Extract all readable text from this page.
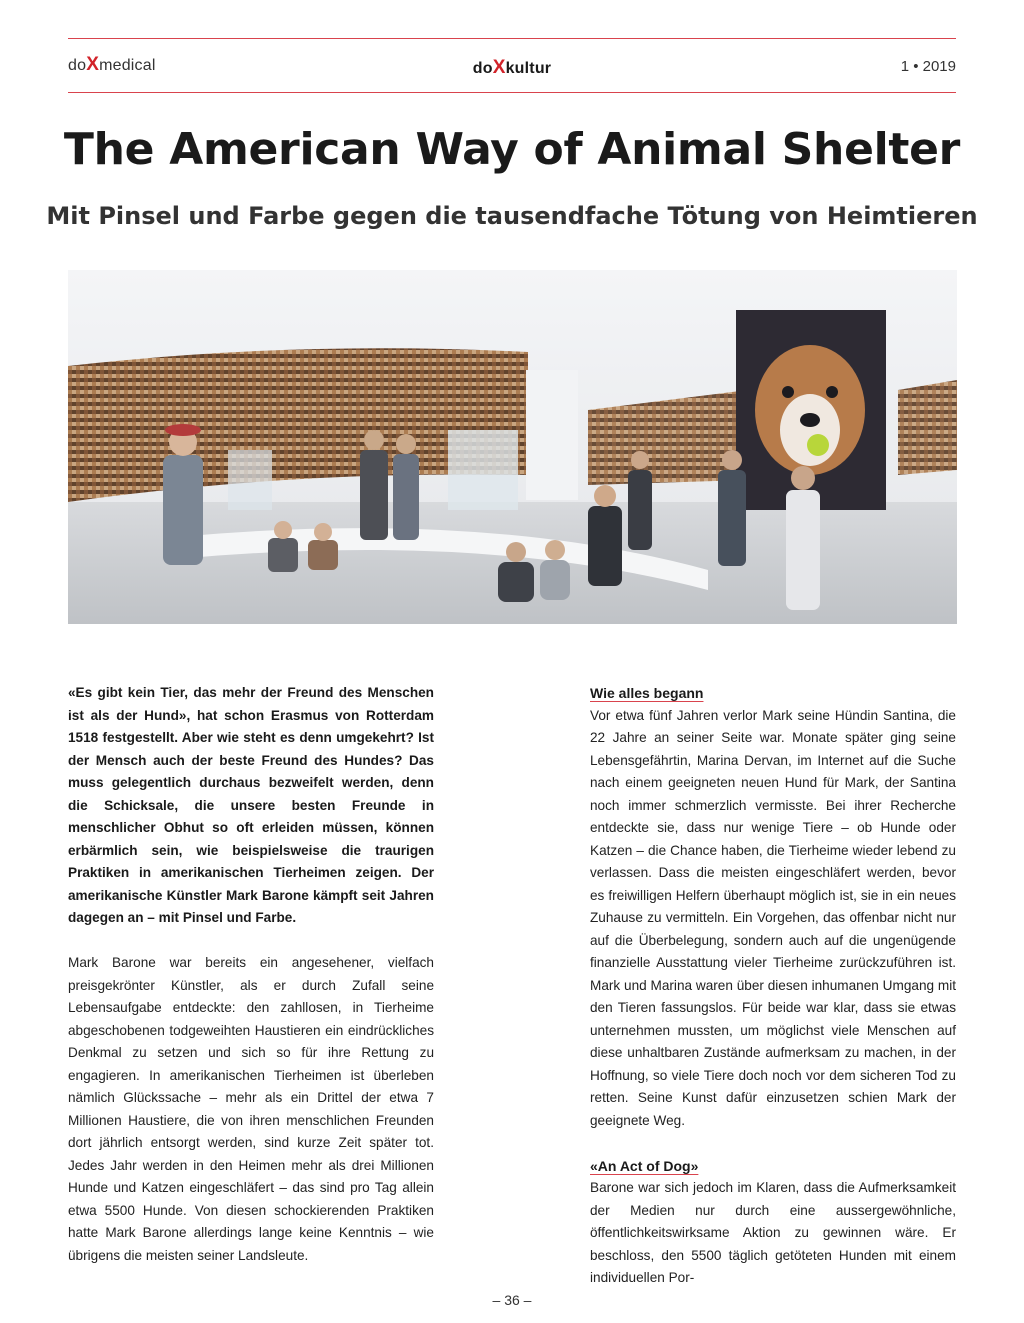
doXmedical	doXkultur	1 • 2019
The American Way of Animal Shelter
Mit Pinsel und Farbe gegen die tausendfache Tötung von Heimtieren

«Es gibt kein Tier, das mehr der Freund des Menschen ist als der Hund», hat schon Erasmus von Rotterdam 1518 festgestellt. Aber wie steht es denn umgekehrt? Ist der Mensch auch der beste Freund des Hundes? Das muss gelegentlich durchaus bezweifelt werden, denn die Schicksale, die unsere besten Freunde in menschlicher Obhut so oft erleiden müssen, können erbärmlich sein, wie beispielsweise die traurigen Praktiken in amerikanischen Tierheimen zeigen. Der amerikanische Künstler Mark Barone kämpft seit Jahren dagegen an – mit Pinsel und Farbe.

Mark Barone war bereits ein angesehener, vielfach preisgekrönter Künstler, als er durch Zufall seine Lebensaufgabe entdeckte: den zahllosen, in Tierheime abgeschobenen todgeweihten Haustieren ein eindrückliches Denkmal zu setzen und sich so für ihre Rettung zu engagieren. In amerikanischen Tierheimen ist überleben nämlich Glückssache – mehr als ein Drittel der etwa 7 Millionen Haustiere, die von ihren menschlichen Freunden dort jährlich entsorgt werden, sind kurze Zeit später tot. Jedes Jahr werden in den Heimen mehr als drei Millionen Hunde und Katzen eingeschläfert – das sind pro Tag allein etwa 5500 Hunde. Von diesen schockierenden Praktiken hatte Mark Barone allerdings lange keine Kenntnis – wie übrigens die meisten seiner Landsleute.

Wie alles begann

Vor etwa fünf Jahren verlor Mark seine Hündin Santina, die 22 Jahre an seiner Seite war. Monate später ging seine Lebensgefährtin, Marina Dervan, im Internet auf die Suche nach einem geeigneten neuen Hund für Mark, der Santina noch immer schmerzlich vermisste. Bei ihrer Recherche entdeckte sie, dass nur wenige Tiere – ob Hunde oder Katzen – die Chance haben, die Tierheime wieder lebend zu verlassen. Dass die meisten eingeschläfert werden, bevor es freiwilligen Helfern überhaupt möglich ist, sie in ein neues Zuhause zu vermitteln. Ein Vorgehen, das offenbar nicht nur auf die Überbelegung, sondern auch auf die ungenügende finanzielle Ausstattung vieler Tierheime zurückzuführen ist. Mark und Marina waren über diesen inhumanen Umgang mit den Tieren fassungslos. Für beide war klar, dass sie etwas unternehmen mussten, um möglichst viele Menschen auf diese unhaltbaren Zustände aufmerksam zu machen, in der Hoffnung, so viele Tiere doch noch vor dem sicheren Tod zu retten. Seine Kunst dafür einzusetzen schien Mark der geeignete Weg.

«An Act of Dog»

Barone war sich jedoch im Klaren, dass die Aufmerksamkeit der Medien nur durch eine aussergewöhnliche, öffentlichkeitswirksame Aktion zu gewinnen wäre. Er beschloss, den 5500 täglich getöteten Hunden mit einem individuellen Por-

– 36 –
